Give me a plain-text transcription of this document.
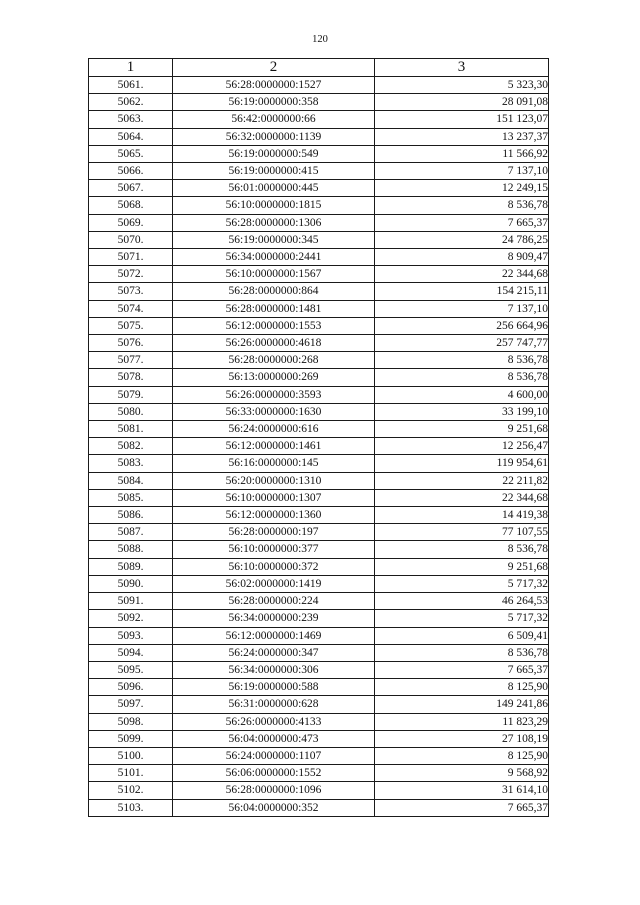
120
1	2	3
5061.	56:28:0000000:1527	5 323,30
5062.	56:19:0000000:358	28 091,08
5063.	56:42:0000000:66	151 123,07
5064.	56:32:0000000:1139	13 237,37
5065.	56:19:0000000:549	11 566,92
5066.	56:19:0000000:415	7 137,10
5067.	56:01:0000000:445	12 249,15
5068.	56:10:0000000:1815	8 536,78
5069.	56:28:0000000:1306	7 665,37
5070.	56:19:0000000:345	24 786,25
5071.	56:34:0000000:2441	8 909,47
5072.	56:10:0000000:1567	22 344,68
5073.	56:28:0000000:864	154 215,11
5074.	56:28:0000000:1481	7 137,10
5075.	56:12:0000000:1553	256 664,96
5076.	56:26:0000000:4618	257 747,77
5077.	56:28:0000000:268	8 536,78
5078.	56:13:0000000:269	8 536,78
5079.	56:26:0000000:3593	4 600,00
5080.	56:33:0000000:1630	33 199,10
5081.	56:24:0000000:616	9 251,68
5082.	56:12:0000000:1461	12 256,47
5083.	56:16:0000000:145	119 954,61
5084.	56:20:0000000:1310	22 211,82
5085.	56:10:0000000:1307	22 344,68
5086.	56:12:0000000:1360	14 419,38
5087.	56:28:0000000:197	77 107,55
5088.	56:10:0000000:377	8 536,78
5089.	56:10:0000000:372	9 251,68
5090.	56:02:0000000:1419	5 717,32
5091.	56:28:0000000:224	46 264,53
5092.	56:34:0000000:239	5 717,32
5093.	56:12:0000000:1469	6 509,41
5094.	56:24:0000000:347	8 536,78
5095.	56:34:0000000:306	7 665,37
5096.	56:19:0000000:588	8 125,90
5097.	56:31:0000000:628	149 241,86
5098.	56:26:0000000:4133	11 823,29
5099.	56:04:0000000:473	27 108,19
5100.	56:24:0000000:1107	8 125,90
5101.	56:06:0000000:1552	9 568,92
5102.	56:28:0000000:1096	31 614,10
5103.	56:04:0000000:352	7 665,37
